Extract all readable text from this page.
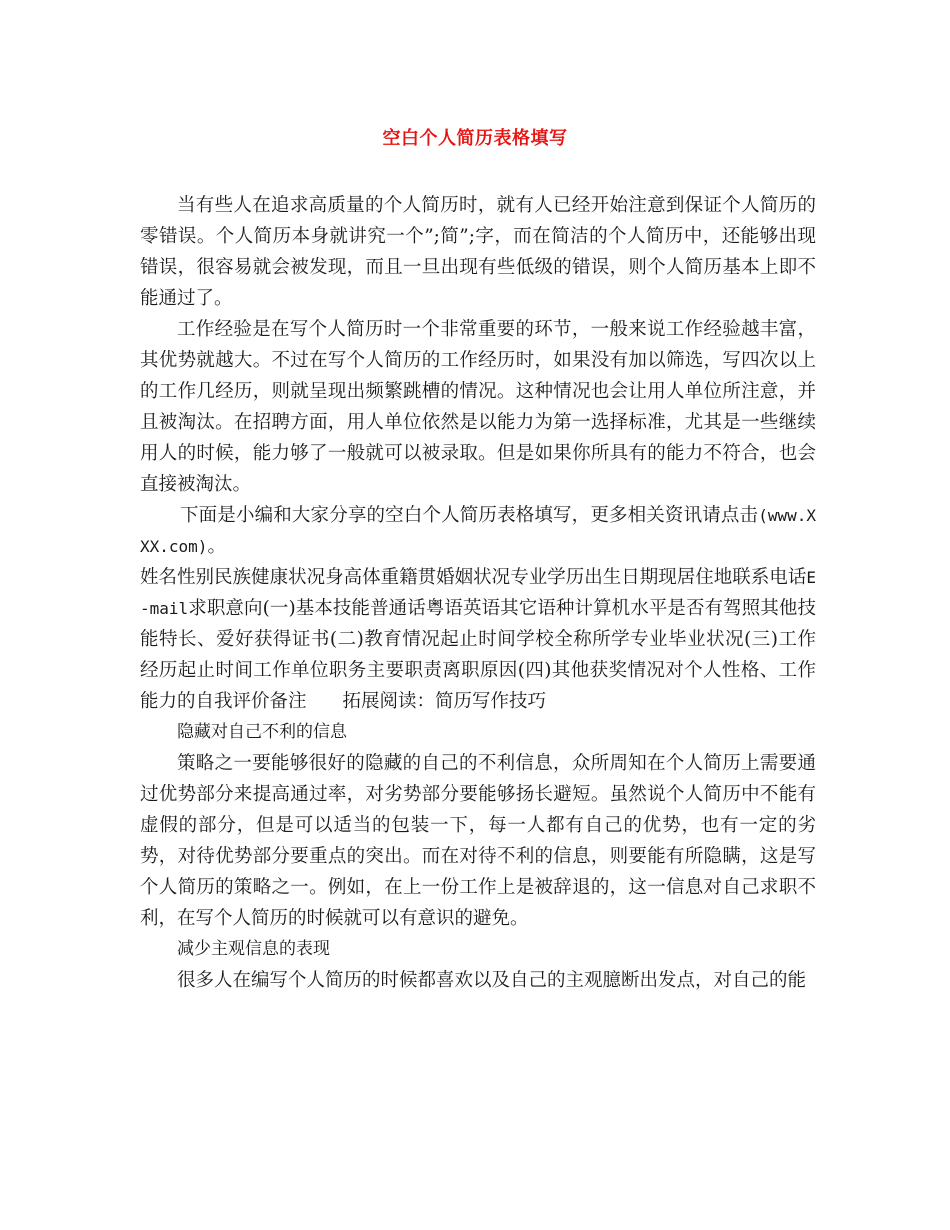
空白个人简历表格填写

当有些人在追求高质量的个人简历时，就有人已经开始注意到保证个人简历的零错误。个人简历本身就讲究一个”;简”;字，而在简洁的个人简历中，还能够出现错误，很容易就会被发现，而且一旦出现有些低级的错误，则个人简历基本上即不能通过了。

工作经验是在写个人简历时一个非常重要的环节，一般来说工作经验越丰富，其优势就越大。不过在写个人简历的工作经历时，如果没有加以筛选，写四次以上的工作几经历，则就呈现出频繁跳槽的情况。这种情况也会让用人单位所注意，并且被淘汰。在招聘方面，用人单位依然是以能力为第一选择标准，尤其是一些继续用人的时候，能力够了一般就可以被录取。但是如果你所具有的能力不符合，也会直接被淘汰。

下面是小编和大家分享的空白个人简历表格填写，更多相关资讯请点击(www.XXX.com)。

姓名性别民族健康状况身高体重籍贯婚姻状况专业学历出生日期现居住地联系电话E-mail求职意向(一)基本技能普通话粤语英语其它语种计算机水平是否有驾照其他技能特长、爱好获得证书(二)教育情况起止时间学校全称所学专业毕业状况(三)工作经历起止时间工作单位职务主要职责离职原因(四)其他获奖情况对个人性格、工作能力的自我评价备注 拓展阅读：简历写作技巧

隐藏对自己不利的信息

策略之一要能够很好的隐藏的自己的不利信息，众所周知在个人简历上需要通过优势部分来提高通过率，对劣势部分要能够扬长避短。虽然说个人简历中不能有虚假的部分，但是可以适当的包装一下，每一人都有自己的优势，也有一定的劣势，对待优势部分要重点的突出。而在对待不利的信息，则要能有所隐瞒，这是写个人简历的策略之一。例如，在上一份工作上是被辞退的，这一信息对自己求职不利，在写个人简历的时候就可以有意识的避免。

减少主观信息的表现

很多人在编写个人简历的时候都喜欢以及自己的主观臆断出发点，对自己的能
